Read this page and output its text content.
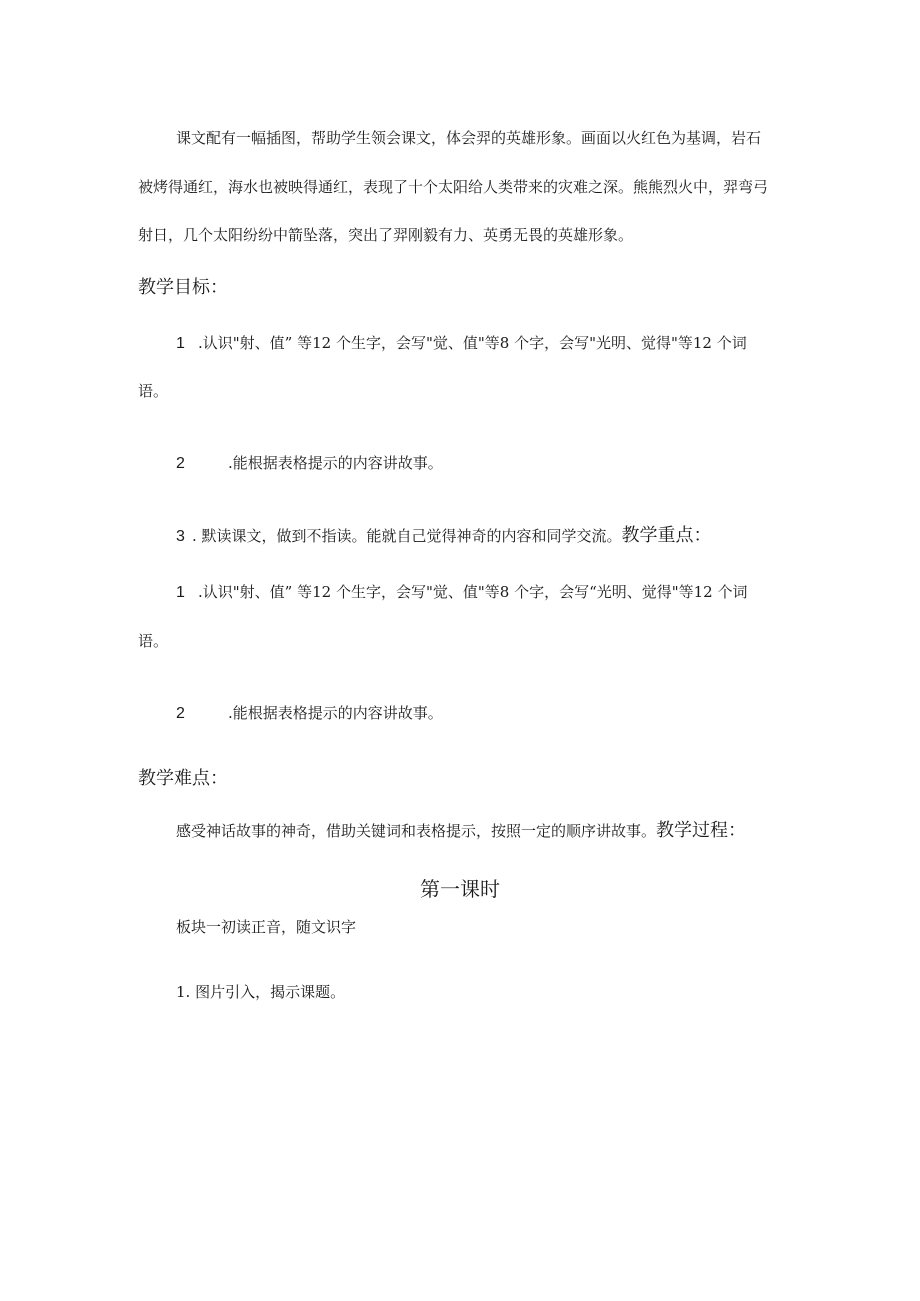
课文配有一幅插图，帮助学生领会课文，体会羿的英雄形象。画面以火红色为基调，岩石
被烤得通红，海水也被映得通红，表现了十个太阳给人类带来的灾难之深。熊熊烈火中，羿弯弓
射日，几个太阳纷纷中箭坠落，突出了羿刚毅有力、英勇无畏的英雄形象。
教学目标：
1 .认识"射、值” 等12 个生字，会写"觉、值"等8 个字，会写"光明、觉得"等12 个词
语。
2	.能根据表格提示的内容讲故事。
3 . 默读课文，做到不指读。能就自己觉得神奇的内容和同学交流。教学重点：
1 .认识"射、值” 等12 个生字，会写"觉、值"等8 个字，会写“光明、觉得"等12 个词
语。
2	.能根据表格提示的内容讲故事。
教学难点：
感受神话故事的神奇，借助关键词和表格提示，按照一定的顺序讲故事。教学过程：
第一课时
板块一初读正音，随文识字
1. 图片引入，揭示课题。
